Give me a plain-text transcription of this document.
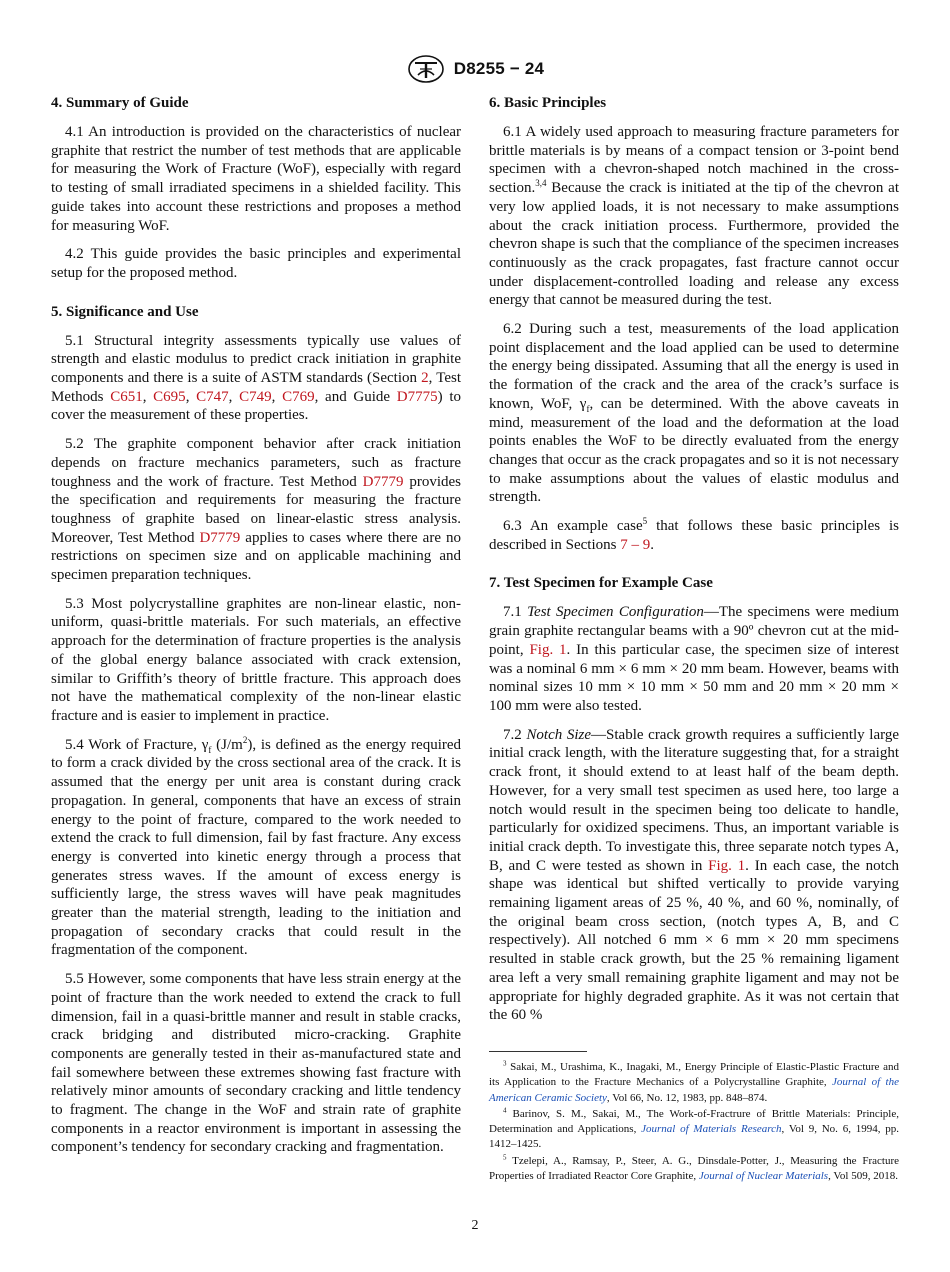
D8255 − 24
4. Summary of Guide

4.1 An introduction is provided on the characteristics of nuclear graphite that restrict the number of test methods that are applicable for measuring the Work of Fracture (WoF), especially with regard to testing of small irradiated specimens in a shielded facility. This guide takes into account these restrictions and proposes a method for measuring WoF.

4.2 This guide provides the basic principles and experimental setup for the proposed method.

5. Significance and Use

5.1 Structural integrity assessments typically use values of strength and elastic modulus to predict crack initiation in graphite components and there is a suite of ASTM standards (Section 2, Test Methods C651, C695, C747, C749, C769, and Guide D7775) to cover the measurement of these properties.

5.2 The graphite component behavior after crack initiation depends on fracture mechanics parameters, such as fracture toughness and the work of fracture. Test Method D7779 provides the specification and requirements for measuring the fracture toughness of graphite based on linear-elastic stress analysis. Moreover, Test Method D7779 applies to cases where there are no restrictions on specimen size and on applicable machining and specimen preparation techniques.

5.3 Most polycrystalline graphites are non-linear elastic, non-uniform, quasi-brittle materials. For such materials, an effective approach for the determination of fracture properties is the analysis of the global energy balance associated with crack extension, similar to Griffith’s theory of brittle fracture. This approach does not have the mathematical complexity of the non-linear elastic fracture and is easier to implement in practice.

5.4 Work of Fracture, $\gamma_f$ $(J/m^2)$, is defined as the energy required to form a crack divided by the cross sectional area of the crack. It is assumed that the energy per unit area is constant during crack propagation. In general, components that have an excess of strain energy to the point of fracture, compared to the work needed to extend the crack to full dimension, fail by fast fracture. Any excess energy is converted into kinetic energy through a process that generates stress waves. If the amount of excess energy is sufficiently large, the stress waves will have peak magnitudes greater than the material strength, leading to the initiation and propagation of secondary cracks that could result in the fragmentation of the component.

5.5 However, some components that have less strain energy at the point of fracture than the work needed to extend the crack to full dimension, fail in a quasi-brittle manner and result in stable cracks, crack bridging and distributed micro-cracking. Graphite components are generally tested in their as-manufactured state and fail somewhere between these extremes showing fast fracture with relatively minor amounts of secondary cracking and little tendency to fragment. The change in the WoF and strain rate of graphite components in a reactor environment is important in assessing the component’s tendency for secondary cracking and fragmentation.

6. Basic Principles

6.1 A widely used approach to measuring fracture parameters for brittle materials is by means of a compact tension or 3-point bend specimen with a chevron-shaped notch machined in the cross-section.$^{3,4}$ Because the crack is initiated at the tip of the chevron at very low applied loads, it is not necessary to make assumptions about the crack initiation process. Furthermore, provided the chevron shape is such that the compliance of the specimen increases continuously as the crack propagates, fast fracture cannot occur under displacement-controlled loading and release any excess energy that cannot be measured during the test.

6.2 During such a test, measurements of the load application point displacement and the load applied can be used to determine the energy being dissipated. Assuming that all the energy is used in the formation of the crack and the area of the crack’s surface is known, WoF, $\gamma_f$, can be determined. With the above caveats in mind, measurement of the load and the deformation at the load points enables the WoF to be directly evaluated from the energy changes that occur as the crack propagates and so it is not necessary to make assumptions about the values of elastic modulus and strength.

6.3 An example case$^5$ that follows these basic principles is described in Sections 7 – 9.

7. Test Specimen for Example Case

7.1 Test Specimen Configuration—The specimens were medium grain graphite rectangular beams with a 90º chevron cut at the mid-point, Fig. 1. In this particular case, the specimen size of interest was a nominal 6 mm × 6 mm × 20 mm beam. However, beams with nominal sizes 10 mm × 10 mm × 50 mm and 20 mm × 20 mm × 100 mm were also tested.

7.2 Notch Size—Stable crack growth requires a sufficiently large initial crack length, with the literature suggesting that, for a straight crack front, it should extend to at least half of the beam depth. However, for a very small test specimen as used here, too large a notch would result in the specimen being too delicate to handle, particularly for oxidized specimens. Thus, an important variable is initial crack depth. To investigate this, three separate notch types A, B, and C were tested as shown in Fig. 1. In each case, the notch shape was identical but shifted vertically to provide varying remaining ligament areas of 25 %, 40 %, and 60 %, nominally, of the original beam cross section, (notch types A, B, and C respectively). All notched 6 mm × 6 mm × 20 mm specimens resulted in stable crack growth, but the 25 % remaining ligament area left a very small remaining graphite ligament and may not be appropriate for highly degraded graphite. As it was not certain that the 60 %

$^3$ Sakai, M., Urashima, K., Inagaki, M., Energy Principle of Elastic-Plastic Fracture and its Application to the Fracture Mechanics of a Polycrystalline Graphite, Journal of the American Ceramic Society, Vol 66, No. 12, 1983, pp. 848–874.

$^4$ Barinov, S. M., Sakai, M., The Work-of-Fractrure of Brittle Materials: Principle, Determination and Applications, Journal of Materials Research, Vol 9, No. 6, 1994, pp. 1412–1425.

$^5$ Tzelepi, A., Ramsay, P., Steer, A. G., Dinsdale-Potter, J., Measuring the Fracture Properties of Irradiated Reactor Core Graphite, Journal of Nuclear Materials, Vol 509, 2018.

2
